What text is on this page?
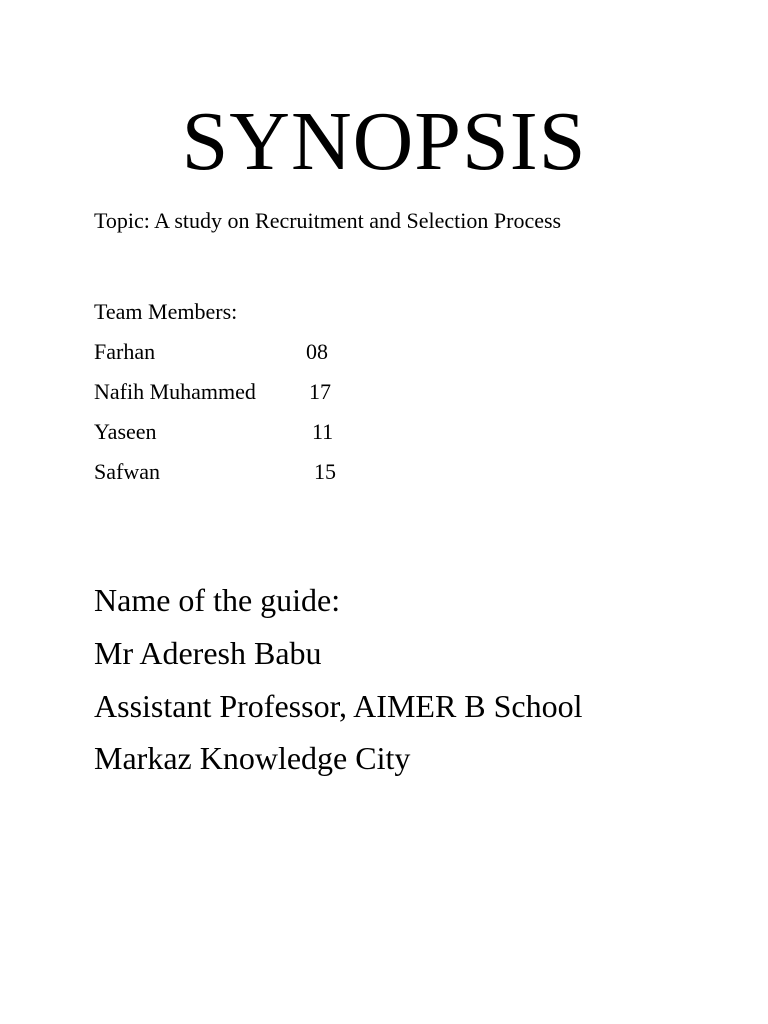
SYNOPSIS
Topic: A study on Recruitment and Selection Process
Team Members:
Farhan	08
Nafih Muhammed 17
Yaseen	11
Safwan	15
Name of the guide:
Mr Aderesh Babu
Assistant Professor, AIMER B School
Markaz Knowledge City
